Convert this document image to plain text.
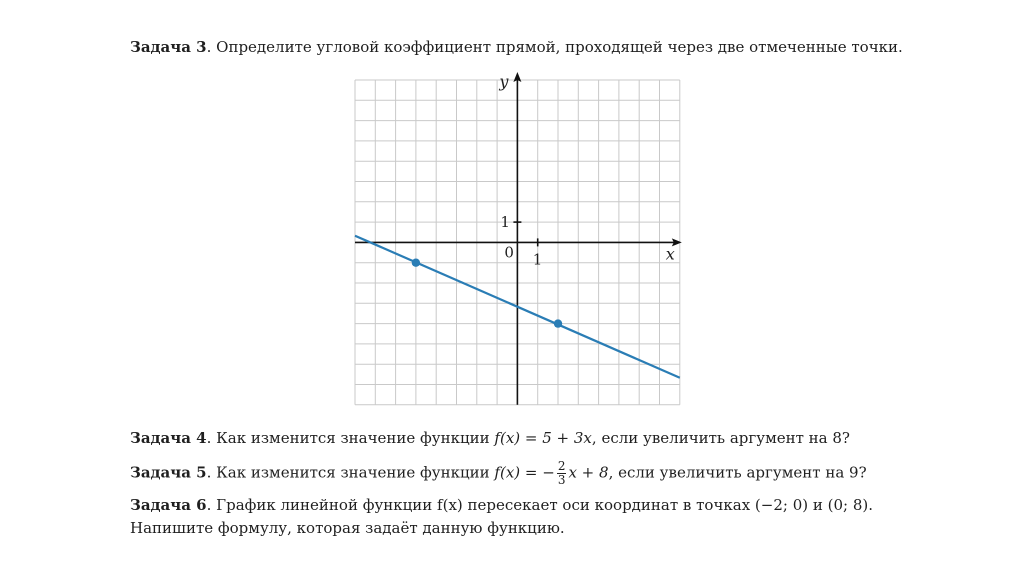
Задача 3. Определите угловой коэффициент прямой, проходящей через две отмеченные точки.
x
y
0 1
1
Задача 4. Как изменится значение функции f(x) = 5 + 3x, если увеличить аргумент на 8?
Задача 5. Как изменится значение функции f(x) = − $\frac{2}{3}$ x + 8, если увеличить аргумент на 9?
Задача 6. График линейной функции f(x) пересекает оси координат в точках (−2; 0) и (0; 8).
Напишите формулу, которая задаёт данную функцию.
